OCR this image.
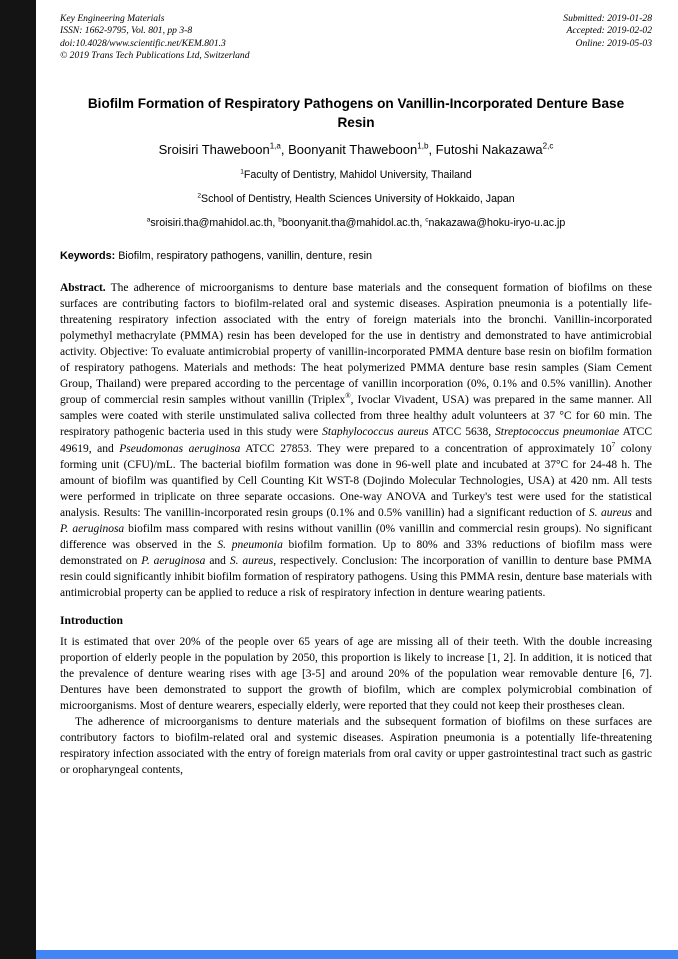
Key Engineering Materials
ISSN: 1662-9795, Vol. 801, pp 3-8
doi:10.4028/www.scientific.net/KEM.801.3
© 2019 Trans Tech Publications Ltd, Switzerland
Submitted: 2019-01-28
Accepted: 2019-02-02
Online: 2019-05-03
Biofilm Formation of Respiratory Pathogens on Vanillin-Incorporated Denture Base Resin
Sroisiri Thaweboon$^{1,a}$, Boonyanit Thaweboon$^{1,b}$, Futoshi Nakazawa$^{2,c}$
$^1$Faculty of Dentistry, Mahidol University, Thailand
$^2$School of Dentistry, Health Sciences University of Hokkaido, Japan
$^a$sroisiri.tha@mahidol.ac.th, $^b$boonyanit.tha@mahidol.ac.th, $^c$nakazawa@hoku-iryo-u.ac.jp
Keywords: Biofilm, respiratory pathogens, vanillin, denture, resin

Abstract. The adherence of microorganisms to denture base materials and the consequent formation of biofilms on these surfaces are contributing factors to biofilm-related oral and systemic diseases. Aspiration pneumonia is a potentially life-threatening respiratory infection associated with the entry of foreign materials into the bronchi. Vanillin-incorporated polymethyl methacrylate (PMMA) resin has been developed for the use in dentistry and demonstrated to have antimicrobial activity. Objective: To evaluate antimicrobial property of vanillin-incorporated PMMA denture base resin on biofilm formation of respiratory pathogens. Materials and methods: The heat polymerized PMMA denture base resin samples (Siam Cement Group, Thailand) were prepared according to the percentage of vanillin incorporation (0%, 0.1% and 0.5% vanillin). Another group of commercial resin samples without vanillin (Triplex®, Ivoclar Vivadent, USA) was prepared in the same manner. All samples were coated with sterile unstimulated saliva collected from three healthy adult volunteers at 37 °C for 60 min. The respiratory pathogenic bacteria used in this study were Staphylococcus aureus ATCC 5638, Streptococcus pneumoniae ATCC 49619, and Pseudomonas aeruginosa ATCC 27853. They were prepared to a concentration of approximately $10^7$ colony forming unit (CFU)/mL. The bacterial biofilm formation was done in 96-well plate and incubated at 37°C for 24-48 h. The amount of biofilm was quantified by Cell Counting Kit WST-8 (Dojindo Molecular Technologies, USA) at 420 nm. All tests were performed in triplicate on three separate occasions. One-way ANOVA and Turkey's test were used for the statistical analysis. Results: The vanillin-incorporated resin groups (0.1% and 0.5% vanillin) had a significant reduction of S. aureus and P. aeruginosa biofilm mass compared with resins without vanillin (0% vanillin and commercial resin groups). No significant difference was observed in the S. pneumonia biofilm formation. Up to 80% and 33% reductions of biofilm mass were demonstrated on P. aeruginosa and S. aureus, respectively. Conclusion: The incorporation of vanillin to denture base PMMA resin could significantly inhibit biofilm formation of respiratory pathogens. Using this PMMA resin, denture base materials with antimicrobial property can be applied to reduce a risk of respiratory infection in denture wearing patients.

Introduction

It is estimated that over 20% of the people over 65 years of age are missing all of their teeth. With the double increasing proportion of elderly people in the population by 2050, this proportion is likely to increase [1, 2]. In addition, it is noticed that the prevalence of denture wearing rises with age [3-5] and around 20% of the population wear removable denture [6, 7]. Dentures have been demonstrated to support the growth of biofilm, which are complex polymicrobial combination of microorganisms. Most of denture wearers, especially elderly, were reported that they could not keep their prostheses clean.

The adherence of microorganisms to denture materials and the subsequent formation of biofilms on these surfaces are contributory factors to biofilm-related oral and systemic diseases. Aspiration pneumonia is a potentially life-threatening respiratory infection associated with the entry of foreign materials from oral cavity or upper gastrointestinal tract such as gastric or oropharyngeal contents,
